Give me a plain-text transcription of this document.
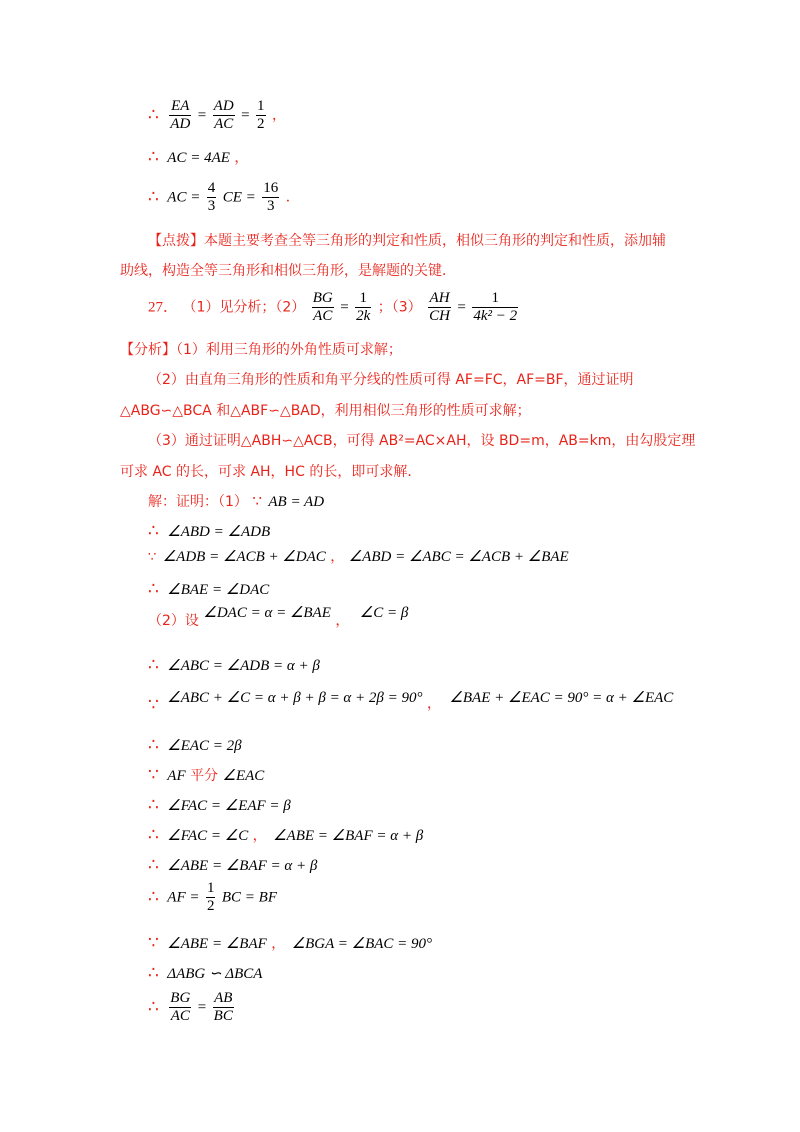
∴ $\frac{EA}{AD} = \frac{AD}{AC} = \frac{1}{2}$ ，
∴ AC = 4AE ，
∴ AC = $\frac{4}{3}$ CE = $\frac{16}{3}$ ．
【点拨】本题主要考查全等三角形的判定和性质，相似三角形的判定和性质，添加辅
助线，构造全等三角形和相似三角形，是解题的关键．
27． （1）见分析；$(2) \frac{BG}{AC} = \frac{1}{2k}$ ；$(3) \frac{AH}{CH} = \frac{1}{\text{4k² − 2}}$
【分析】（1）利用三角形的外角性质可求解；
（2）由直角三角形的性质和角平分线的性质可得 AF=FC，AF=BF，通过证明
△ABG∽△BCA 和△ABF∽△BAD，利用相似三角形的性质可求解；
（3）通过证明△ABH∽△ACB，可得 AB²=AC×AH，设 BD=m，AB=km，由勾股定理
可求 AC 的长，可求 AH，HC 的长，即可求解．
解：证明：（1） ∵ AB = AD
∴ ∠ABD = ∠ADB
∵ ∠ADB = ∠ACB + ∠DAC ， ∠ABD = ∠ABC = ∠ACB + ∠BAE
∴ ∠BAE = ∠DAC
（2）设 ∠DAC = α = ∠BAE ， ∠C = β
∴ ∠ABC = ∠ADB = α + β
∵ ∠ABC + ∠C = α + β + β = α + 2β = 90° ， ∠BAE + ∠EAC = 90° = α + ∠EAC
∴ ∠EAC = 2β
∵ AF 平分 ∠EAC
∴ ∠FAC = ∠EAF = β
∴ ∠FAC = ∠C ， ∠ABE = ∠BAF = α + β
∴ ∠ABE = ∠BAF = α + β
∴ AF = $\frac{1}{2}$ BC = BF
∵ ∠ABE = ∠BAF ， ∠BGA = ∠BAC = 90°
∴ ΔABG ∽ ΔBCA
∴ $\frac{BG}{AC} = \frac{AB}{BC}$
